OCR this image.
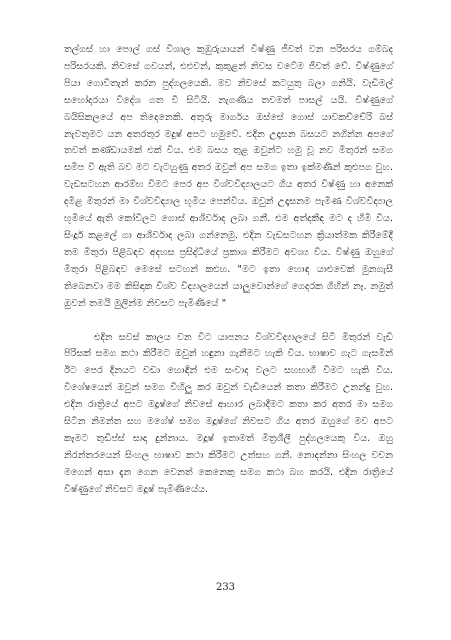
තල්ගස් හා පොල් ගස් විශාල කුඹුරුයායන් විෂ්ණු ජීවත් වන පරිසරය ගම්බද පරිසරයකි. නිවසේ ගවයන්, එළුවන්, කුකුළන් නිවස වටේම ජීවත් වේ. විෂ්ණුගේ පියා ගොවිතැන් කරන පුද්ගලයෙකි. මව නිවසේ කටයුතු බලා ගනියි. වැඩිමල් සහෝදරයා විදේශ ගත වී සිටියි. නැගණිය තවමත් පාසල් යයි. විෂ්ණුගේ බයිසිකලයේ අප තිදෙනෙකි. අතුරු මාර්ගය ඔස්සේ ගොස් යාවකච්චේරි බස් නැවතුමට යන අතරතුර මදුෂ් අපට හමුවේ. එදින උදෑසන බසයට නගින්න අපගේ තවත් කණ්ඩායමක් එක් විය. එම බසය තුළ ඔවුන්ට හමු වූ නව මිතුරන් සමග සමීප වී ඇති බව මට වැටහුණු අතර ඔවුන් අප සමග ඉතා ඉක්මණින් කුළුපග වුහ. වැඩසටහන ආරම්භ වීමට පෙර අප විශ්වවිද්‍යාලයට ගිය අතර විෂ්ණු හා අනෙක් දමිළ මිතුරන් මා විශ්වවිද්‍යාල භූමිය පෙන්වීය. ඔවුන් උදෑසනම පැමිණ විශ්වවිද්‍යාල භූමියේ ඇති කෝවිලට ගොස් ආශිර්වාද ලබා ගනී. එම අත්දකීඳ මට ද හිමි විය. සිංදූර් කළලේ ගා ආශිර්වාද ලබා ගන්නෙමු. එදින වැඩසටහන ක්‍රියාත්මක කිරීමේදී තම මිතුරා පිළිබඳව අදහස ප්‍රසිද්ධියේ ප්‍රකාශ කිරීමට අවශ්‍ය විය. විෂ්ණු ඔහුගේ මිතුරා පිළිබඳව මෙසේ සටහන් කළුහ. "මට ඉතා හොඳ යාළුවෙක් මුනගැසී තිබෙනවා මම කිසිඳාක විශ්ව විද්‍යාලයෙන් යාලුවොන්ගේ ගෙදරක ගිහින් නෑ. නමුත් ඔුවන් තමයි මුලින්ම නිවසට පැමිණියේ "

එදින සවස් කාලය වන විට යාපනය විශ්වවිද්‍යාලයේ සිටි මිතුරන් වැඩි පිරිසක් සමග කථා කිරීමට ඔවුන් හඳුනා ගැනීමට හැකි විය. භාෂාව ගැට ගැසමින් ඊට පෙර දිනයට වඩා හොඳින් එම සංවාද වලට සහභාගී වීමට හැකි විය. විශේෂයෙන් ඔවුන් සමග විහිලු කර ඔවුන් වැඩියෙන් කතා කිරීමට උනන්දු වුහ. එදින රාත්‍රියේ අපට මදූෂ්ගේ නිවසේ ආහාර ලබාදීමට කතා කර අතර මා සමග සිටින නිමන්ත සහ මගේෂ් සමග මදූෂ්ගේ නිවසට ගිය අතර ඔහුගේ මව අපට කෑමට තුඩිප්ස් සාදා දුන්නාය. මදූෂ් ඉතාමත් මිත්‍රශීලී පුද්ගලයෙකු විය. ඔහු නිරන්තරයෙන් සිංහල භාෂාව කථා කිරීමට උත්සහ ගනී. නොදන්නා සිංහල වචන මගෙන් අසා දැන ගෙන වෙනත් කෙනෙකු සමග කථා බහ කරයි. එදින රාත්‍රියේ විෂ්ණුගේ නිවසට මදූෂ් පැමිණියේය.

233
